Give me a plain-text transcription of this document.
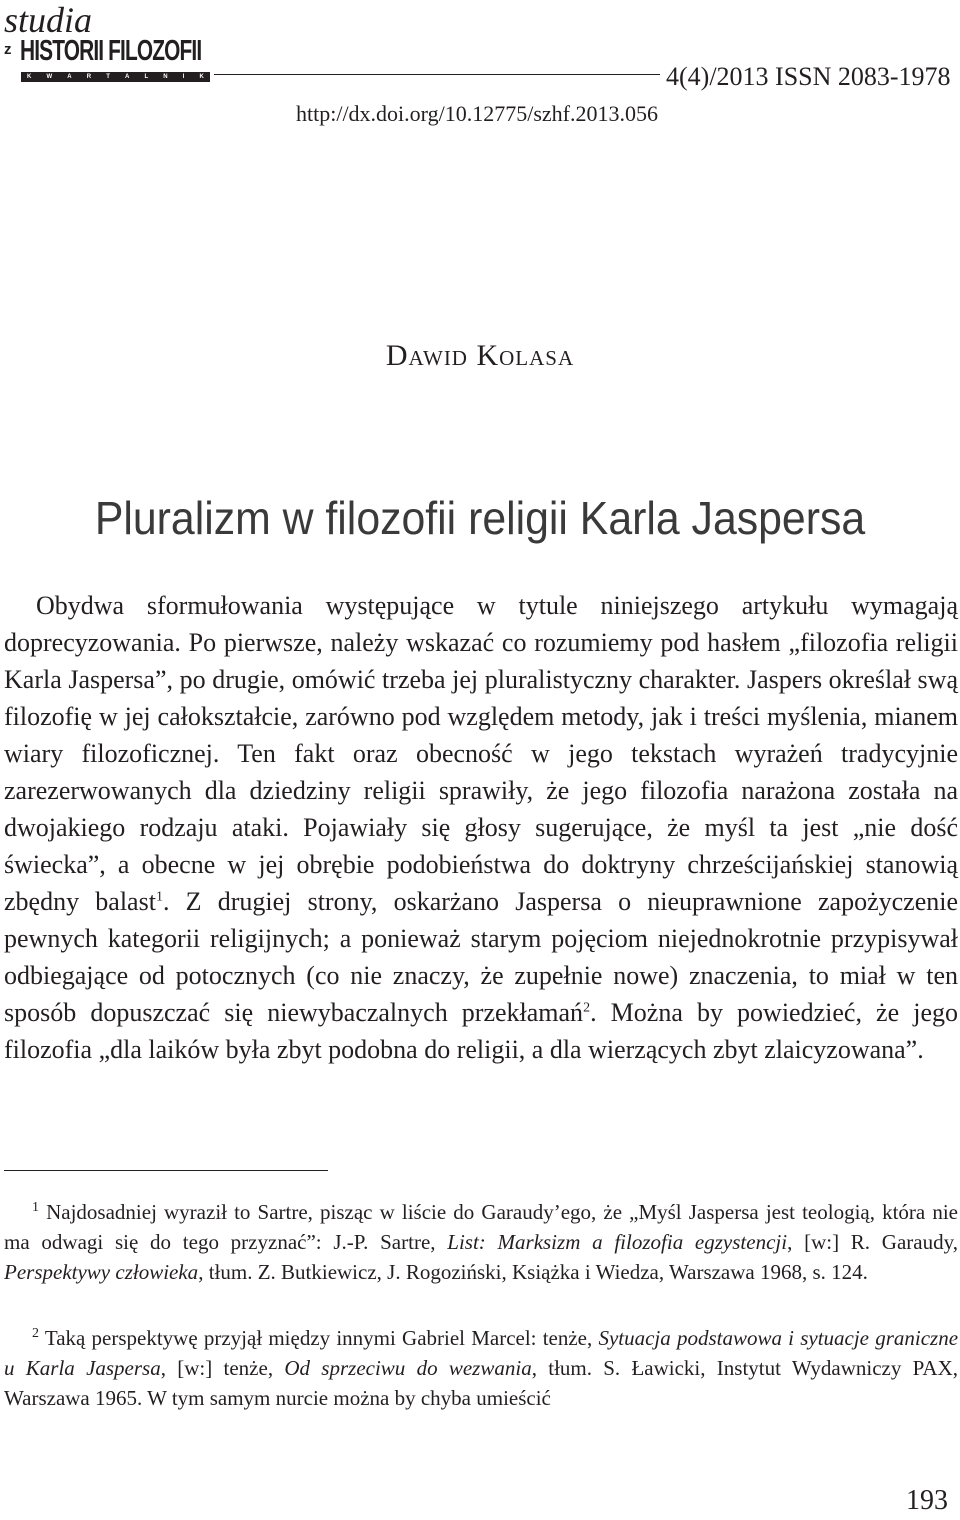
studia
z HISTORII FILOZOFII
K	W	A	R	T	A	L	N	I	K	4(4)/2013 ISSN 2083-1978
http://dx.doi.org/10.12775/szhf.2013.056
Dawid Kolasa
Pluralizm w filozofii religii Karla Jaspersa

Obydwa sformułowania występujące w tytule niniejszego artykułu wymagają doprecyzowania. Po pierwsze, należy wskazać co rozumiemy pod hasłem „filozofia religii Karla Jaspersa”, po drugie, omówić trzeba jej pluralistyczny charakter. Jaspers określał swą filozofię w jej całokształcie, zarówno pod względem metody, jak i treści myślenia, mianem wiary filozoficznej. Ten fakt oraz obecność w jego tekstach wyrażeń tradycyjnie zarezerwowanych dla dziedziny religii sprawiły, że jego filozofia narażona została na dwojakiego rodzaju ataki. Pojawiały się głosy sugerujące, że myśl ta jest „nie dość świecka”, a obecne w jej obrębie podobieństwa do doktryny chrześcijańskiej stanowią zbędny balast$^1$. Z drugiej strony, oskarżano Jaspersa o nieuprawnione zapożyczenie pewnych kategorii religijnych; a ponieważ starym pojęciom niejednokrotnie przypisywał odbiegające od potocznych (co nie znaczy, że zupełnie nowe) znaczenia, to miał w ten sposób dopuszczać się niewybaczalnych przekłamań$^2$. Można by powiedzieć, że jego filozofia „dla laików była zbyt podobna do religii, a dla wierzących zbyt zlaicyzowana”.

$^1$ Najdosadniej wyraził to Sartre, pisząc w liście do Garaudy’ego, że „Myśl Jaspersa jest teologią, która nie ma odwagi się do tego przyznać”: J.-P. Sartre, List: Marksizm a filozofia egzystencji, [w:] R. Garaudy, Perspektywy człowieka, tłum. Z. Butkiewicz, J. Rogoziński, Książka i Wiedza, Warszawa 1968, s. 124.

$^2$ Taką perspektywę przyjął między innymi Gabriel Marcel: tenże, Sytuacja podstawowa i sytuacje graniczne u Karla Jaspersa, [w:] tenże, Od sprzeciwu do wezwania, tłum. S. Ławicki, Instytut Wydawniczy PAX, Warszawa 1965. W tym samym nurcie można by chyba umieścić

193
